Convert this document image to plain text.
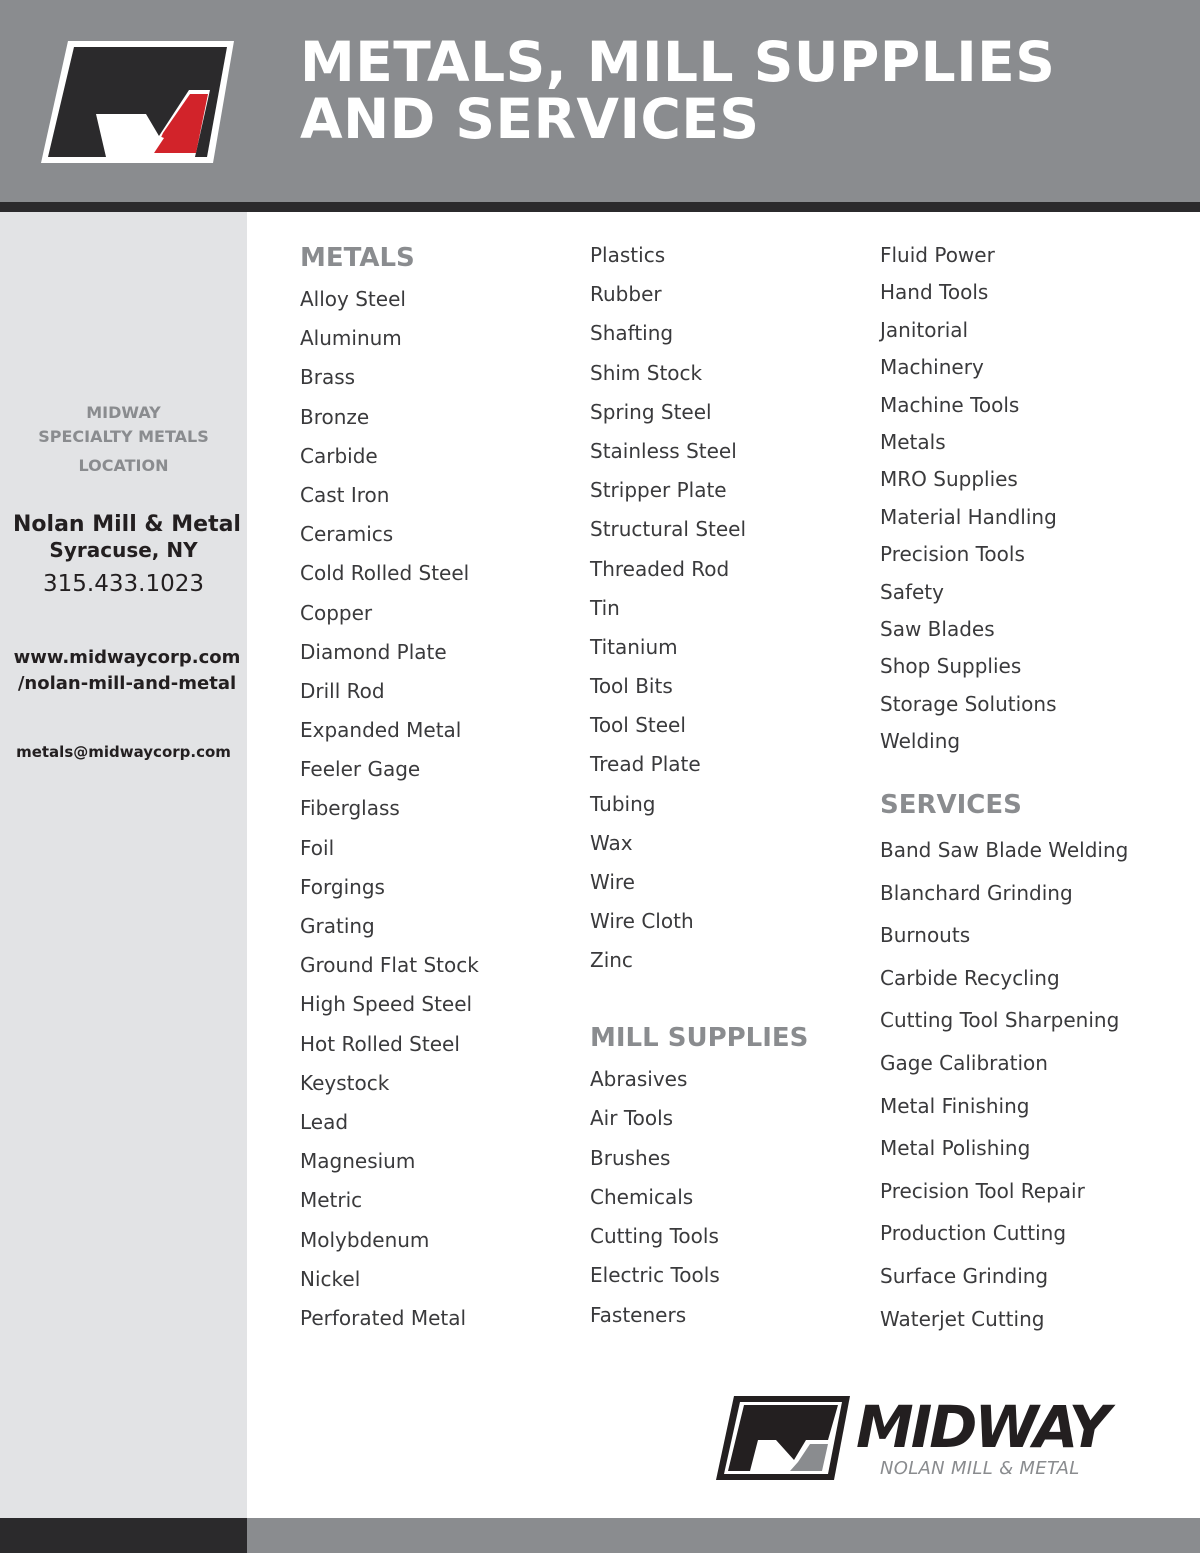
METALS, MILL SUPPLIES
AND SERVICES
MIDWAY
SPECIALTY METALS
LOCATION
Nolan Mill & Metal
Syracuse, NY
315.433.1023
www.midwaycorp.com
/nolan-mill-and-metal
metals@midwaycorp.com
METALS
Alloy Steel
Aluminum
Brass
Bronze
Carbide
Cast Iron
Ceramics
Cold Rolled Steel
Copper
Diamond Plate
Drill Rod
Expanded Metal
Feeler Gage
Fiberglass
Foil
Forgings
Grating
Ground Flat Stock
High Speed Steel
Hot Rolled Steel
Keystock
Lead
Magnesium
Metric
Molybdenum
Nickel
Perforated Metal
Plastics
Rubber
Shafting
Shim Stock
Spring Steel
Stainless Steel
Stripper Plate
Structural Steel
Threaded Rod
Tin
Titanium
Tool Bits
Tool Steel
Tread Plate
Tubing
Wax
Wire
Wire Cloth
Zinc
MILL SUPPLIES
Abrasives
Air Tools
Brushes
Chemicals
Cutting Tools
Electric Tools
Fasteners
Fluid Power
Hand Tools
Janitorial
Machinery
Machine Tools
Metals
MRO Supplies
Material Handling
Precision Tools
Safety
Saw Blades
Shop Supplies
Storage Solutions
Welding
SERVICES
Band Saw Blade Welding
Blanchard Grinding
Burnouts
Carbide Recycling
Cutting Tool Sharpening
Gage Calibration
Metal Finishing
Metal Polishing
Precision Tool Repair
Production Cutting
Surface Grinding
Waterjet Cutting
MIDWAY
NOLAN MILL & METAL
